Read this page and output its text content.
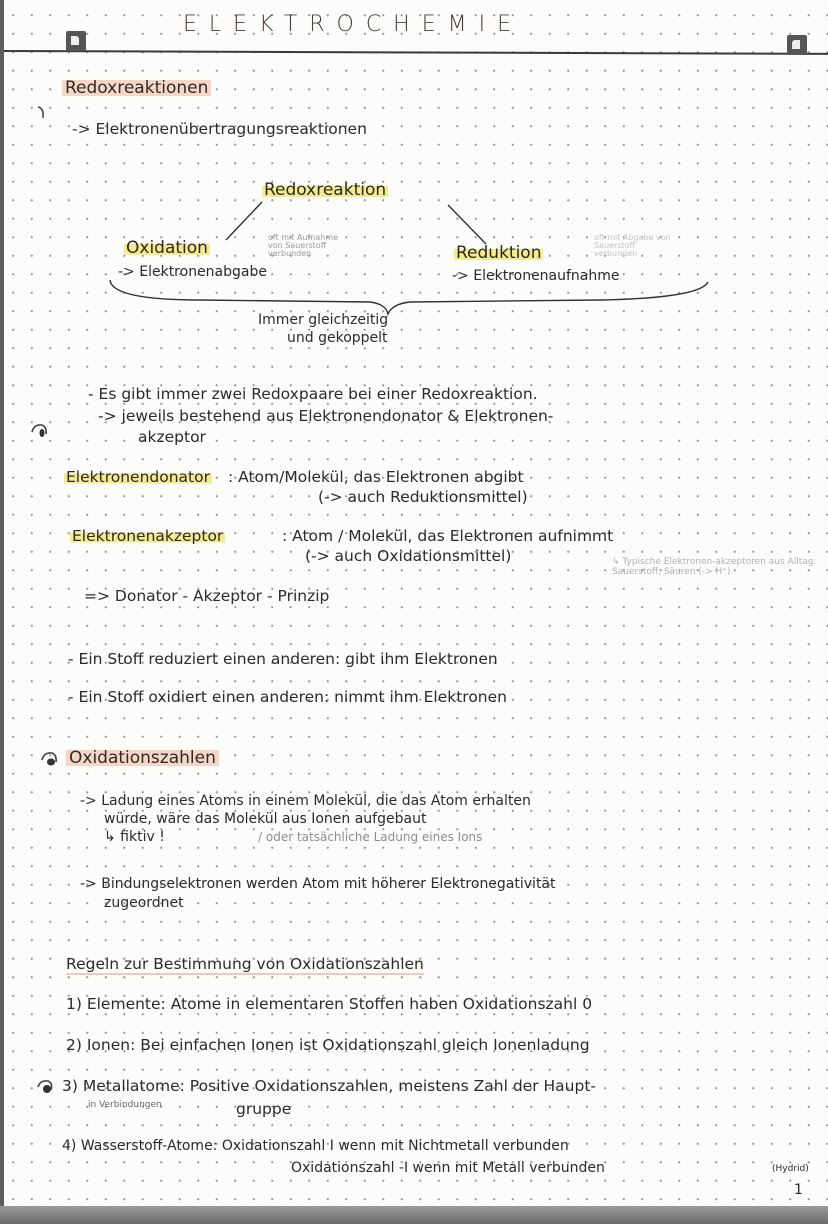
ELEKTROCHEMIE
Redoxreaktionen
-> Elektronenübertragungsreaktionen
Redoxreaktion
Oxidation
oft mit Aufnahme von Sauerstoff verbunden
-> Elektronenabgabe
Reduktion
oft mit Abgabe von Sauerstoff verbunden
-> Elektronenaufnahme
Immer gleichzeitig
und gekoppelt
- Es gibt immer zwei Redoxpaare bei einer Redoxreaktion.
-> jeweils bestehend aus Elektronendonator & Elektronen-
akzeptor
Elektronendonator : Atom/Molekül, das Elektronen abgibt
(-> auch Reduktionsmittel)
Elektronenakzeptor	: Atom / Molekül, das Elektronen aufnimmt
(-> auch Oxidationsmittel)	↳ Typische Elektronen-akzeptoren aus Alltag: Sauerstoff, Säuren (-> H⁺)
=> Donator - Akzeptor - Prinzip
- Ein Stoff reduziert einen anderen: gibt ihm Elektronen
- Ein Stoff oxidiert einen anderen: nimmt ihm Elektronen
Oxidationszahlen
-> Ladung eines Atoms in einem Molekül, die das Atom erhalten
würde, wäre das Molekül aus Ionen aufgebaut
↳ fiktiv !	/ oder tatsächliche Ladung eines Ions
-> Bindungselektronen werden Atom mit höherer Elektronegativität
zugeordnet
Regeln zur Bestimmung von Oxidationszahlen
1) Elemente: Atome in elementaren Stoffen haben Oxidationszahl 0
2) Ionen: Bei einfachen Ionen ist Oxidationszahl gleich Ionenladung
3) Metallatome: Positive Oxidationszahlen, meistens Zahl der Haupt-
in Verbindungen	gruppe
4) Wasserstoff-Atome: Oxidationszahl I wenn mit Nichtmetall verbunden
Oxidationszahl -I wenn mit Metall verbunden	(Hydrid)
1
